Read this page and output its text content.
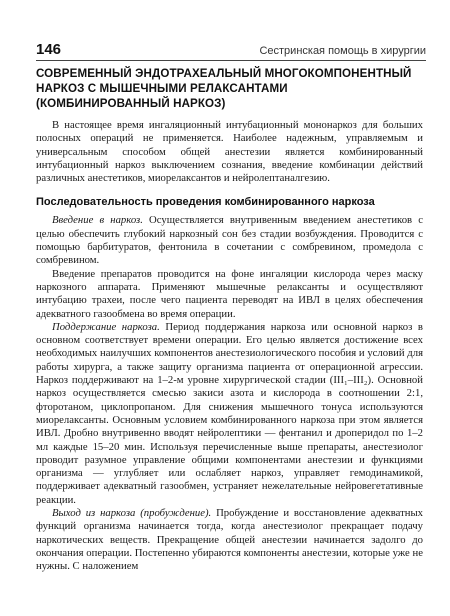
146	Сестринская помощь в хирургии
СОВРЕМЕННЫЙ ЭНДОТРАХЕАЛЬНЫЙ МНОГОКОМПОНЕНТНЫЙ НАРКОЗ С МЫШЕЧНЫМИ РЕЛАКСАНТАМИ (КОМБИНИРОВАННЫЙ НАРКОЗ)

В настоящее время ингаляционный интубационный мононаркоз для больших полосных операций не применяется. Наиболее надежным, управляемым и универсальным способом общей анестезии является комбинированный интубационный наркоз выключением сознания, введение комбинации действий различных анестетиков, миорелаксантов и нейролептаналгезию.

Последовательность проведения комбинированного наркоза

Введение в наркоз. Осуществляется внутривенным введением анестетиков с целью обеспечить глубокий наркозный сон без стадии возбуждения. Проводится с помощью барбитуратов, фентонила в сочетании с сомбревином, промедола с сомбревином.

Введение препаратов проводится на фоне ингаляции кислорода через маску наркозного аппарата. Применяют мышечные релаксанты и осуществляют интубацию трахеи, после чего пациента переводят на ИВЛ в целях обеспечения адекватного газообмена во время операции.

Поддержание наркоза. Период поддержания наркоза или основной наркоз в основном соответствует времени операции. Его целью является достижение всех необходимых наилучших компонентов анестезиологического пособия и условий для работы хирурга, а также защиту организма пациента от операционной агрессии. Наркоз поддерживают на 1–2-м уровне хирургической стадии (III₁–III₂). Основной наркоз осуществляется смесью закиси азота и кислорода в соотношении 2:1, фторотаном, циклопропаном. Для снижения мышечного тонуса используются миорелаксанты. Основным условием комбинированного наркоза при этом является ИВЛ. Дробно внутривенно вводят нейролептики — фентанил и дроперидол по 1–2 мл каждые 15–20 мин. Используя перечисленные выше препараты, анестезиолог проводит разумное управление общими компонентами анестезии и функциями организма — углубляет или ослабляет наркоз, управляет гемодинамикой, поддерживает адекватный газообмен, устраняет нежелательные нейровегетативные реакции.

Выход из наркоза (пробуждение). Пробуждение и восстановление адекватных функций организма начинается тогда, когда анестезиолог прекращает подачу наркотических веществ. Прекращение общей анестезии начинается задолго до окончания операции. Постепенно убираются компоненты анестезии, которые уже не нужны. С наложением
